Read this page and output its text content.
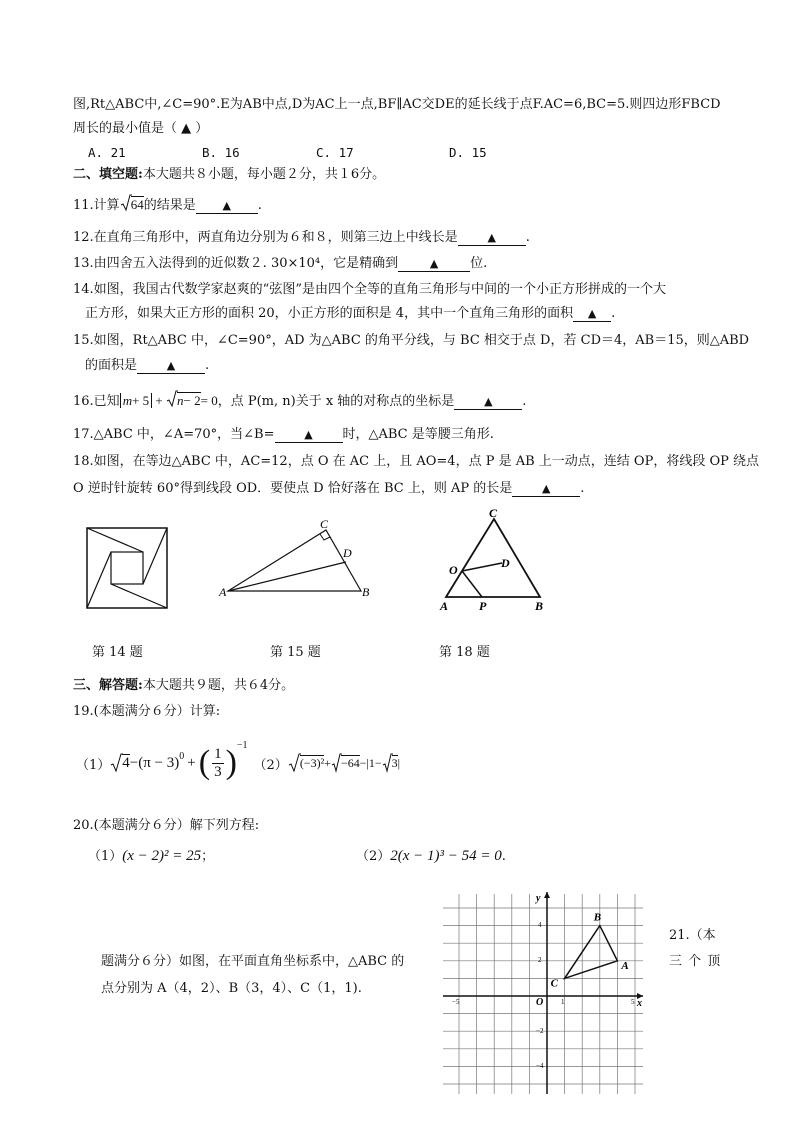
图,Rt△ABC中,∠C=90°.E为AB中点,D为AC上一点,BF∥AC交DE的延长线于点F.AC=6,BC=5.则四边形FBCD
周长的最小值是（ ▲ ）
A. 21	B. 16	C. 17	D. 15
二、填空题:本大题共８小题，每小题２分，共１6分。
11.计算 64的结果是 ▲ .
12.在直角三角形中，两直角边分别为６和８，则第三边上中线长是	▲ .
13.由四舍五入法得到的近似数２. 30×10⁴，它是精确到	▲ 位.
14.如图，我国古代数学家赵爽的“弦图”是由四个全等的直角三角形与中间的一个小正方形拼成的一个大
正方形，如果大正方形的面积 20，小正方形的面积是 4，其中一个直角三角形的面积 ▲ .
15.如图，Rt△ABC 中，∠C=90°，AD 为△ABC 的角平分线，与 BC 相交于点 D，若 CD＝4，AB＝15，则△ABD
的面积是	▲ .
16.已知 m+ 5 +
n− 2= 0，点 P(m, n)关于 x 轴的对称点的坐标是	▲ .
17.△ABC 中，∠A=70°，当∠B=	▲ 时，△ABC 是等腰三角形.
18.如图，在等边△ABC 中，AC=12，点 O 在 AC 上，且 AO=4，点 P 是 AB 上一动点，连结 OP，将线段 OP 绕点
O 逆时针旋转 60°得到线段 OD．要使点 D 恰好落在 BC 上，则 AP 的长是	▲ .
C
D
A	B
C
O	D
A	P	B
第 14 题	第 15 题	第 18 题
三、解答题:本大题共９题，共６4分。
19.(本题满分６分）计算:
（1） $4 -(\pi - 3)^0$ + ( $\frac{1}{3} )^{-1}$
（2）	(−3)² + −64 −|1− 3 |
20.(本题满分６分）解下列方程:
（1）(x − 2)² = 25；	（2）2(x − 1)³ − 54 = 0.
21.（本
题满分６分）如图，在平面直角坐标系中，△ABC 的	三 个 顶
点分别为 A（4，2）、B（3，4）、C（1，1).
x
y
O
−5	1	5
4
2
−2
−4
A
B
C
